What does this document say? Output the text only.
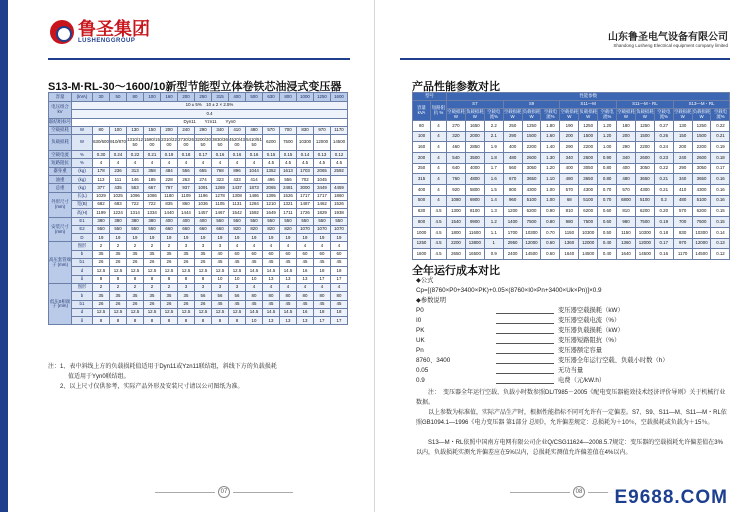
鲁圣集团
LUSHENGGROUP	山东鲁圣电气设备有限公司
Shandong Lusheng Electrical equipment company limited
S13-M·RL-30～1600/10新型节能型立体卷铁芯油浸式变压器
容量	(kVA)	30	50	80	100	160	200	250	315	400	500	630	800	1000	1250	1600
电压组合 kV	10 ± 5%　10 ± 2 × 2.5%															
	0.4															
联结组标号	Dyn11　　Yzn11　　Yyn0															
空载损耗	W	80	100	130	150	200	240	290	340	410	480	570	700	830	970	1170
负载损耗	W	630/600	910/870	1310/1250	1580/1500	2310/2200	2730/2600	3200/3050	3830/3650	4520/4300	5410/5150	6200	7500	10300	12000	14500
空载电流	%	0.30	0.24	0.22	0.21	0.19	0.18	0.17	0.16	0.16	0.16	0.15	0.15	0.14	0.13	0.12
短路阻抗	%	4	4	4	4	4	4	4	4	4	4	4.5	4.5	4.5	4.5	4.5
器身重	(kg)	178	236	313	358	484	556	655	768	896	1044	1352	1613	1703	2065	2592
油重	(kg)	113	111	146	185	228	263	274	323	433	414	496	556	702	1045	
总重	(kg)	377	435	553	667	797	937	1091	1269	1437	1873	2065	2481	3000	3449	4459
外形尺寸 (mm)	长(L)	1029	1025	1096	1086	1180	1109	1196	1278	1308	1486	1395	1526	1717	1717	1860
	宽(B)	682	683	722	722	835	860	1036	1105	1131	1284	1210	1321	1487	1462	1526
	高(H)	1199	1224	1314	1334	1440	1444	1457	1467	1542	1592	1649	1711	1726	1829	1938
安装尺寸 (mm)	E1	380	380	380	380	400	400	400	550	550	550	550	550	550	550	550
	E2	550	550	550	550	660	660	660	660	820	820	820	820	1070	1070	1070
	D	19	19	19	19	19	19	19	19	19	19	19	19	19	19	19
高压套管端子 (mm)	图形	2	2	2	2	2	3	3	3	4	4	4	4	4	4	4
	b	35	35	35	35	35	35	35	40	60	60	60	60	60	60	60
	b1	26	26	26	26	26	26	26	45	45	45	45	45	45	45	45
	d	12.5	12.5	12.5	12.5	12.5	12.5	12.5	12.5	12.5	14.5	14.5	14.5	16	18	18
	δ	8	8	8	8	8	8	8	10	10	10	13	13	13	17	17
低压0相端子 (mm)	图形	2	2	2	2	2	3	3	3	3	4	4	4	4	4	4
	b	35	35	35	35	35	35	56	56	56	80	80	80	80	80	80
	b1	26	26	26	26	26	26	26	45	45	45	45	45	45	45	45
	d	12.5	12.5	12.5	12.5	12.5	12.5	12.5	12.5	12.5	14.5	14.5	14.5	16	18	18
	δ	8	8	8	8	8	8	8	8	8	10	13	13	13	17	17

注：1、表中斜线上方的负载损耗值适用于Dyn11或Yzn11联结组，斜线下方的负载损耗

值适用于Yyn0联结组。

2、以上尺寸仅供参考，实际产品外形及安装尺寸请以公司图纸为准。

07
产品性能参数对比
型号		性能参数														
容量 kVA	短路阻抗 %	S7			S9			S11—M			S11—M・RL			S13—M・RL		
		空载损耗W	负载损耗W	空载电流%	空载损耗W	负载损耗W	空载电流%	空载损耗W	负载损耗W	空载电流%	空载损耗W	负载损耗W	空载电流%	空载损耗W	负载损耗W	空载电流%
80	4	270	1650	2.2	250	1250	1.80	190	1250	1.20	180	1250	0.27	130	1250	0.22
100	4	320	2000	2.1	290	1500	1.60	200	1500	1.20	200	1500	0.26	150	1500	0.21
160	4	460	2850	1.9	400	2200	1.40	290	2200	1.00	290	2200	0.24	200	2200	0.19
200	4	540	3500	1.8	480	2600	1.30	340	2600	0.90	340	2600	0.23	240	2600	0.18
250	4	640	4000	1.7	560	3050	1.20	400	3050	0.80	400	3050	0.22	290	3050	0.17
315	4	760	4800	1.6	670	3650	1.10	480	3650	0.80	480	3650	0.21	340	3650	0.16
400	4	920	5800	1.5	800	4300	1.00	570	4300	0.70	570	4300	0.21	410	4300	0.16
500	4	1080	6900	1.4	960	5100	1.00	68	5100	0.70	6800	5100	0.2	480	5100	0.16
630	4.5	1300	8100	1.3	1200	6200	0.90	810	6200	0.60	810	6200	0.20	570	6200	0.15
800	4.5	1540	9900	1.2	1400	7500	0.80	980	7500	0.60	980	7500	0.19	700	7500	0.15
1000	4.5	1800	11600	1.1	1700	10300	0.70	1150	10300	0.50	1150	10300	0.18	830	10300	0.14
1250	4.5	2200	13800	1	2950	12000	0.60	1360	12000	0.40	1360	12000	0.17	970	12000	0.13
1600	4.5	2650	16500	0.9	2400	14500	0.60	1640	14500	0.40	1640	14500	0.16	1170	14500	0.12
全年运行成本对比
◆公式
Cp=[(8760×P0+3400×PK)+0.05×(8760×I0×Pn+3400×Uk×Pn)]×0.9
◆参数说明
P0	变压器空载损耗（kW）
I0	变压器空载电流（%）
PK	变压器负载损耗（kW）
UK	变压器短路阻抗（%）
Pn	变压器额定容量
8760、3400	变压器全年运行空载、负载小时数（h）
0.05	无功当量
0.9	电费（元/kW.h）
注：　变压器全年运行空载、负载小时数参照DL/T985－2005《配电变压器能效技术经济评价导则》关于机械行业数据。
以上参数为标准值，实际产品生产时，根据性能指标不同可允许有一定偏差。S7、S9、S11—M、S11—M・RL依照GB1094.1—1996《电力变压器 第1部分 总则》，允许偏差规定：总损耗为＋10％，空载损耗或负载为＋15％。
S13—M・RL依照中国南方电网有限公司企业Q/CSG11624—2008.5.7规定：变压器的空载损耗允许偏差值在3%以内，负载损耗实测允许偏差应在5%以内，总损耗实测值允许偏差值在4%以内。
08	E9688.COM
